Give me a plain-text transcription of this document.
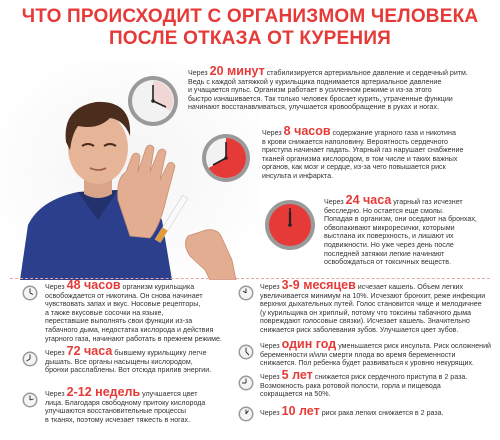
ЧТО ПРОИСХОДИТ С ОРГАНИЗМОМ ЧЕЛОВЕКА
ПОСЛЕ ОТКАЗА ОТ КУРЕНИЯ
Через 20 минут стабилизируется артериальное давление и сердечный ритм.
Ведь с каждой затяжкой у курильщика поднимается артериальное давление
и учащается пульс. Организм работает в усиленном режиме и из-за этого
быстро изнашивается. Так только человек бросает курить, утраченные функции
начинают восстанавливаться, улучшается кровообращение в руках и ногах.
Через 8 часов содержание угарного газа и никотина
в крови снижается наполовину. Вероятность сердечного
приступа начинает падать. Угарный газ нарушает снабжение
тканей организма кислородом, в том числе и таких важных
органов, как мозг и сердце, из-за чего повышается риск
инсульта и инфаркта.
Через 24 часа угарный газ исчезнет
бесследно. Но остается еще смолы.
Попадая в организм, они оседают на бронхах,
обволакивают микроресички, которыми
выстлана их поверхность, и лишают их
подвижности. Но уже через день после
последней затяжки легкие начинают
освобождаться от токсичных веществ.
Через 48 часов организм курильщика
освобождается от никотина. Он снова начинает
чувствовать запах и вкус. Носовые рецепторы,
а также вкусовые сосочки на языке,
переставшие выполнять свои функции из-за
табачного дыма, недостатка кислорода и действия
угарного газа, начинают работать в прежнем режиме.
Через 72 часа бывшему курильщику легче
дышать. Все органы насыщены кислородом,
бронхи расслаблены. Вот отсюда прилив энергии.
Через 2-12 недель улучшается цвет
лица. Благодаря свободному притоку кислорода
улучшаются восстановительные процессы
в тканях, поэтому исчезает тяжесть в ногах.
Через 3-9 месяцев исчезает кашель. Объем легких
увеличивается минимум на 10%. Исчезают бронхит, реже инфекции
верхних дыхательных путей. Голос становится чище и мелодичнее
(у курильщика он хриплый, потому что токсины табачного дыма
повреждают голосовые связки). Исчезает кашель. Значительно
снижается риск заболевания зубов. Улучшается цвет зубов.
Через один год уменьшается риск инсульта. Риск осложнений
беременности и/или смерти плода во время беременности
снижается. Пол ребенка будет развиваться к уровню некурящих.
Через 5 лет снижается риск сердечного приступа в 2 раза.
Возможность рака ротовой полости, горла и пищевода
сокращается на 50%.
Через 10 лет риск рака легких снижается в 2 раза.
